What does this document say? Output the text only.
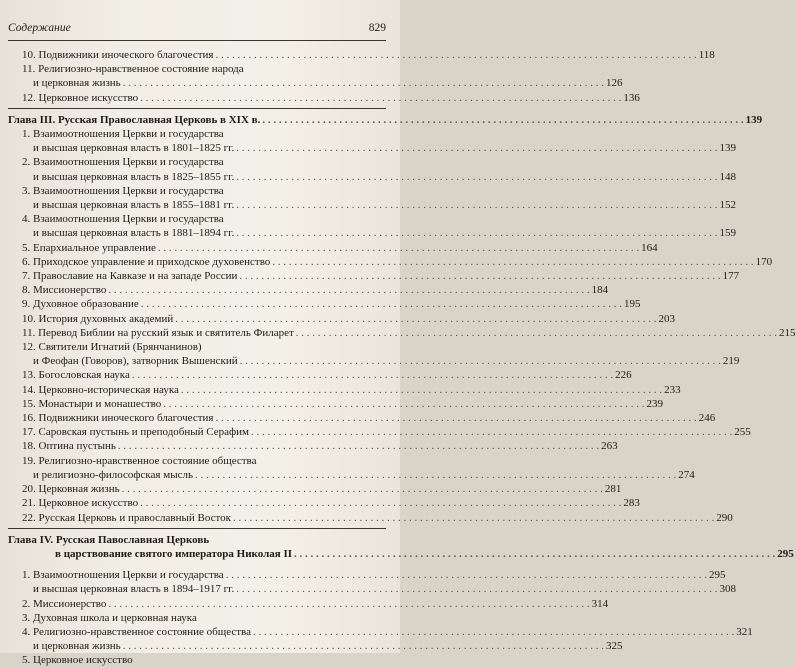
Содержание	829
10. Подвижники иноческого благочестия . . .	118
11. Религиозно-нравственное состояние народа
и церковная жизнь . . .	126
12. Церковное искусство . . .	136
Глава III. Русская Православная Церковь в XIX в. . . .	139
1. Взаимоотношения Церкви и государства
и высшая церковная власть в 1801–1825 гг. . . .	139
2. Взаимоотношения Церкви и государства
и высшая церковная власть в 1825–1855 гг. . . .	148
3. Взаимоотношения Церкви и государства
и высшая церковная власть в 1855–1881 гг. . . .	152
4. Взаимоотношения Церкви и государства
и высшая церковная власть в 1881–1894 гг. . . .	159
5. Епархиальное управление . . .	164
6. Приходское управление и приходское духовенство . . .	170
7. Православие на Кавказе и на западе России . . .	177
8. Миссионерство . . .	184
9. Духовное образование . . .	195
10. История духовных академий . . .	203
11. Перевод Библии на русский язык и святитель Филарет . . .	215
12. Святители Игнатий (Брянчанинов)
и Феофан (Говоров), затворник Вышенский . . .	219
13. Богословская наука . . .	226
14. Церковно-историческая наука . . .	233
15. Монастыри и монашество . . .	239
16. Подвижники иноческого благочестия . . .	246
17. Саровская пустынь и преподобный Серафим . . .	255
18. Оптина пустынь . . .	263
19. Религиозно-нравственное состояние общества
и религиозно-философская мысль . . .	274
20. Церковная жизнь . . .	281
21. Церковное искусство . . .	283
22. Русская Церковь и православный Восток . . .	290
Глава IV. Русская Павославная Церковь
в царствование святого императора Николая II . . .	295
1. Взаимоотношения Церкви и государства . . .	295
и высшая церковная власть в 1894–1917 гг. . . .	308
2. Миссионерство . . .	314
3. Духовная школа и церковная наука
4. Религиозно-нравственное состояние общества . . .	321
и церковная жизнь . . .	325
5. Церковное искусство
